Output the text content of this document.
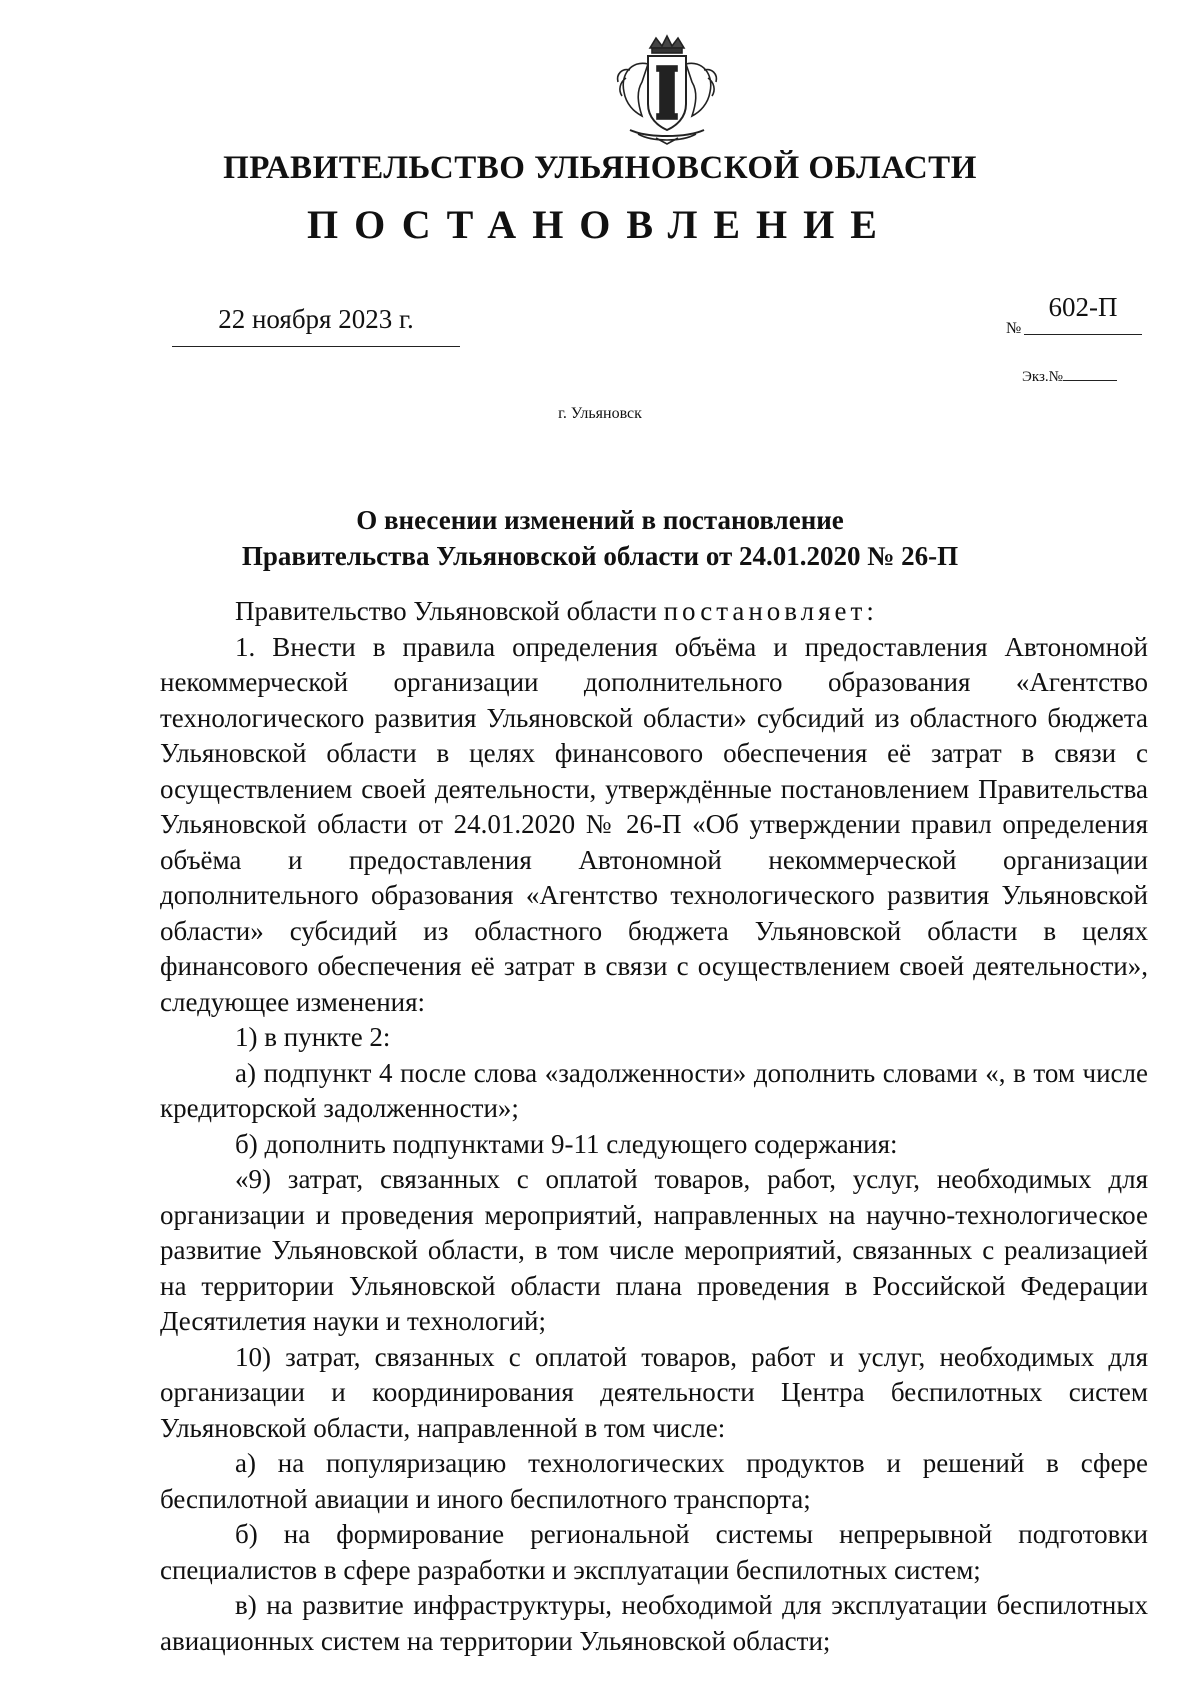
ПРАВИТЕЛЬСТВО УЛЬЯНОВСКОЙ ОБЛАСТИ
ПОСТАНОВЛЕНИЕ
22 ноября 2023 г.	№
602-П
Экз.№
г. Ульяновск
О внесении изменений в постановление
Правительства Ульяновской области от 24.01.2020 № 26-П

Правительство Ульяновской области постановляет:

1. Внести в правила определения объёма и предоставления Автономной некоммерческой организации дополнительного образования «Агентство технологического развития Ульяновской области» субсидий из областного бюджета Ульяновской области в целях финансового обеспечения её затрат в связи с осуществлением своей деятельности, утверждённые постановлением Правительства Ульяновской области от 24.01.2020 № 26-П «Об утверждении правил определения объёма и предоставления Автономной некоммерческой организации дополнительного образования «Агентство технологического развития Ульяновской области» субсидий из областного бюджета Ульяновской области в целях финансового обеспечения её затрат в связи с осуществлением своей деятельности», следующее изменения:

1) в пункте 2:

а) подпункт 4 после слова «задолженности» дополнить словами «, в том числе кредиторской задолженности»;

б) дополнить подпунктами 9-11 следующего содержания:

«9) затрат, связанных с оплатой товаров, работ, услуг, необходимых для организации и проведения мероприятий, направленных на научно-технологическое развитие Ульяновской области, в том числе мероприятий, связанных с реализацией на территории Ульяновской области плана проведения в Российской Федерации Десятилетия науки и технологий;

10) затрат, связанных с оплатой товаров, работ и услуг, необходимых для организации и координирования деятельности Центра беспилотных систем Ульяновской области, направленной в том числе:

а) на популяризацию технологических продуктов и решений в сфере беспилотной авиации и иного беспилотного транспорта;

б) на формирование региональной системы непрерывной подготовки специалистов в сфере разработки и эксплуатации беспилотных систем;

в) на развитие инфраструктуры, необходимой для эксплуатации беспилотных авиационных систем на территории Ульяновской области;
